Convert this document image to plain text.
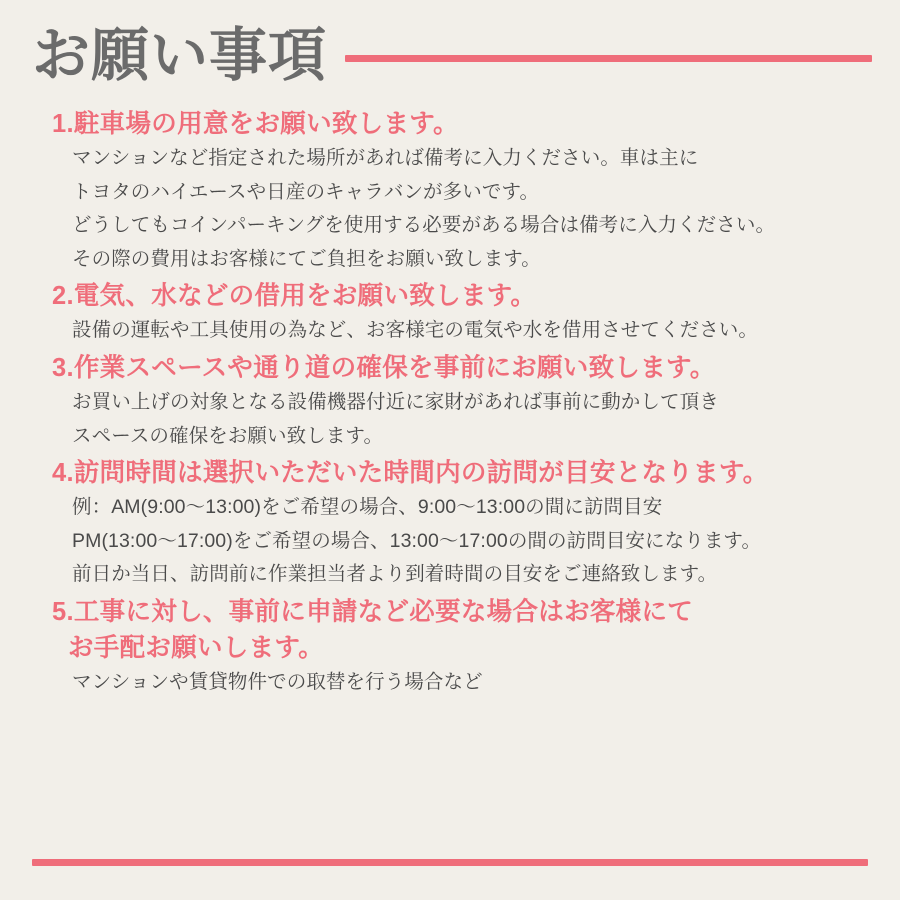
お願い事項
1.駐車場の用意をお願い致します。
マンションなど指定された場所があれば備考に入力ください。車は主に
トヨタのハイエースや日産のキャラバンが多いです。
どうしてもコインパーキングを使用する必要がある場合は備考に入力ください。
その際の費用はお客様にてご負担をお願い致します。
2.電気、水などの借用をお願い致します。
設備の運転や工具使用の為など、お客様宅の電気や水を借用させてください。
3.作業スペースや通り道の確保を事前にお願い致します。
お買い上げの対象となる設備機器付近に家財があれば事前に動かして頂き
スペースの確保をお願い致します。
4.訪問時間は選択いただいた時間内の訪問が目安となります。
例：AM(9:00〜13:00)をご希望の場合、9:00〜13:00の間に訪問目安
PM(13:00〜17:00)をご希望の場合、13:00〜17:00の間の訪問目安になります。
前日か当日、訪問前に作業担当者より到着時間の目安をご連絡致します。
5.工事に対し、事前に申請など必要な場合はお客様にて
お手配お願いします。
マンションや賃貸物件での取替を行う場合など
